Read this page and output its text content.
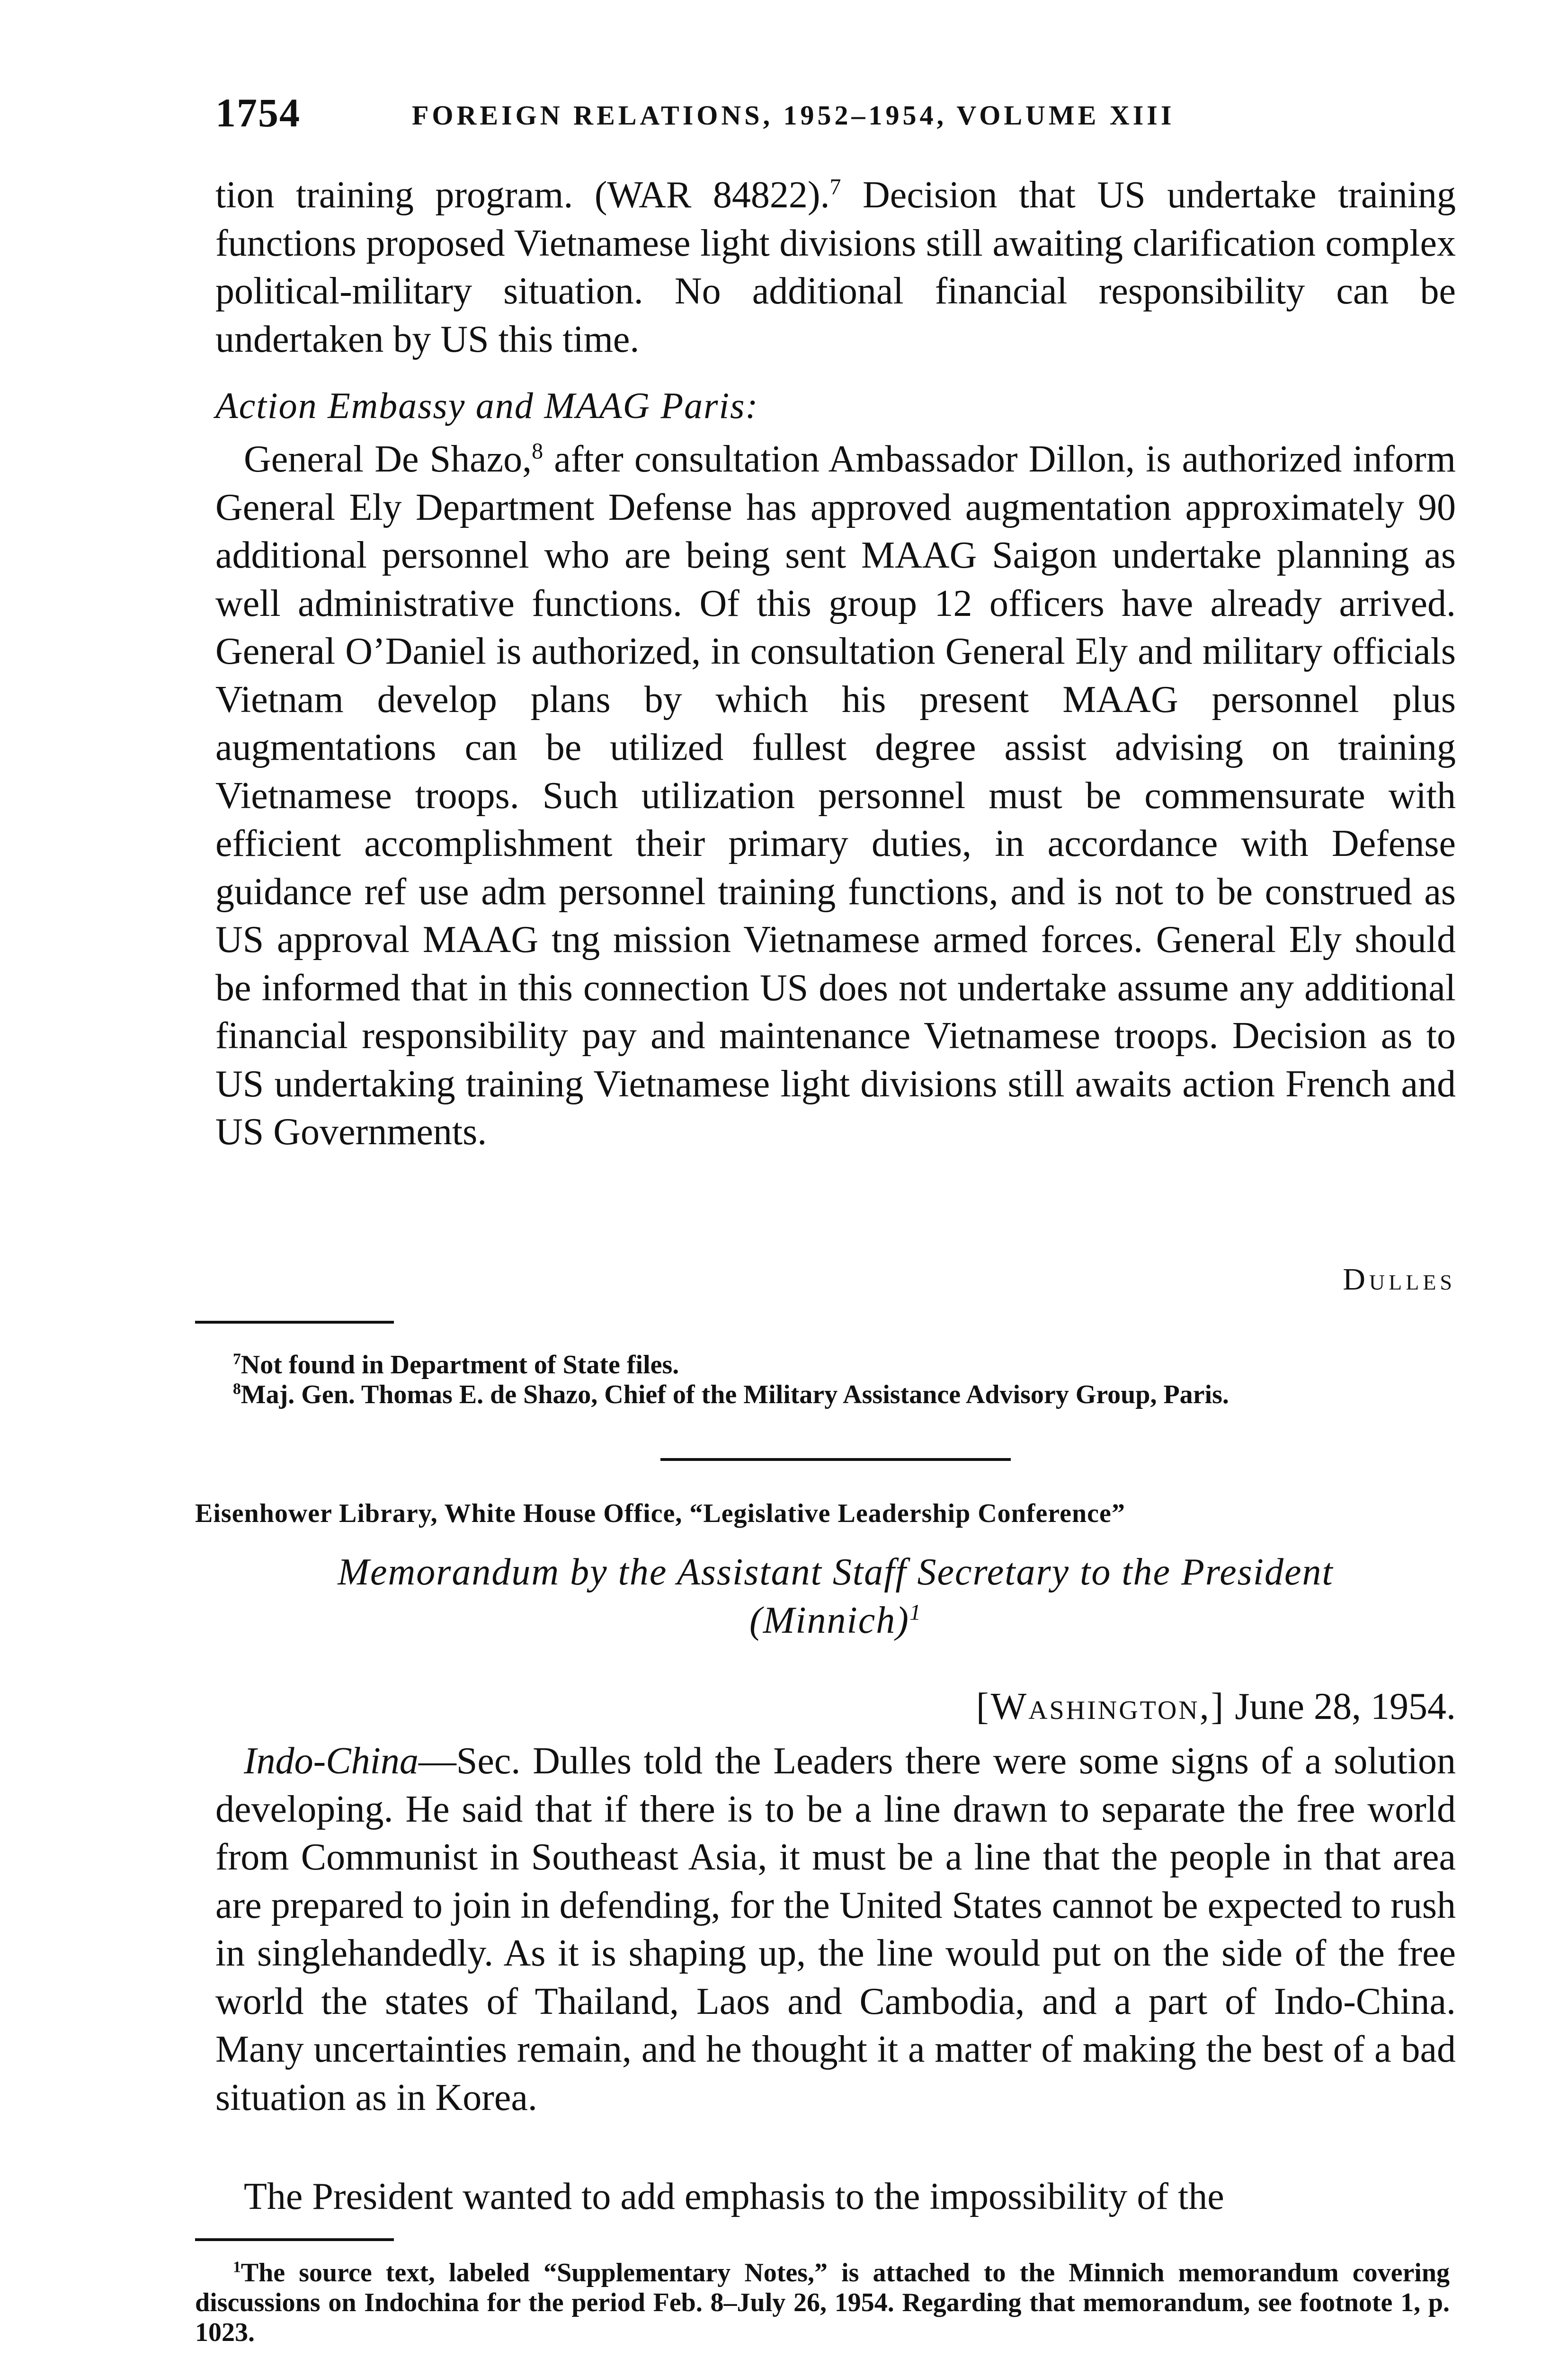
1754	FOREIGN RELATIONS, 1952–1954, VOLUME XIII
tion training program. (WAR 84822).$^7$ Decision that US undertake training functions proposed Vietnamese light divisions still awaiting clarification complex political-military situation. No additional financial responsibility can be undertaken by US this time.
Action Embassy and MAAG Paris:
General De Shazo,$^8$ after consultation Ambassador Dillon, is authorized inform General Ely Department Defense has approved augmentation approximately 90 additional personnel who are being sent MAAG Saigon undertake planning as well administrative functions. Of this group 12 officers have already arrived. General O’Daniel is authorized, in consultation General Ely and military officials Vietnam develop plans by which his present MAAG personnel plus augmentations can be utilized fullest degree assist advising on training Vietnamese troops. Such utilization personnel must be commensurate with efficient accomplishment their primary duties, in accordance with Defense guidance ref use adm personnel training functions, and is not to be construed as US approval MAAG tng mission Vietnamese armed forces. General Ely should be informed that in this connection US does not undertake assume any additional financial responsibility pay and maintenance Vietnamese troops. Decision as to US undertaking training Vietnamese light divisions still awaits action French and US Governments.
Dulles
$^7$Not found in Department of State files.
$^8$Maj. Gen. Thomas E. de Shazo, Chief of the Military Assistance Advisory Group, Paris.
Eisenhower Library, White House Office, “Legislative Leadership Conference”
Memorandum by the Assistant Staff Secretary to the President
(Minnich)$^1$
[Washington,] June 28, 1954.
Indo-China—Sec. Dulles told the Leaders there were some signs of a solution developing. He said that if there is to be a line drawn to separate the free world from Communist in Southeast Asia, it must be a line that the people in that area are prepared to join in defending, for the United States cannot be expected to rush in singlehandedly. As it is shaping up, the line would put on the side of the free world the states of Thailand, Laos and Cambodia, and a part of Indo-China. Many uncertainties remain, and he thought it a matter of making the best of a bad situation as in Korea.
The President wanted to add emphasis to the impossibility of the
$^1$The source text, labeled “Supplementary Notes,” is attached to the Minnich memorandum covering discussions on Indochina for the period Feb. 8–July 26, 1954. Regarding that memorandum, see footnote 1, p. 1023.
